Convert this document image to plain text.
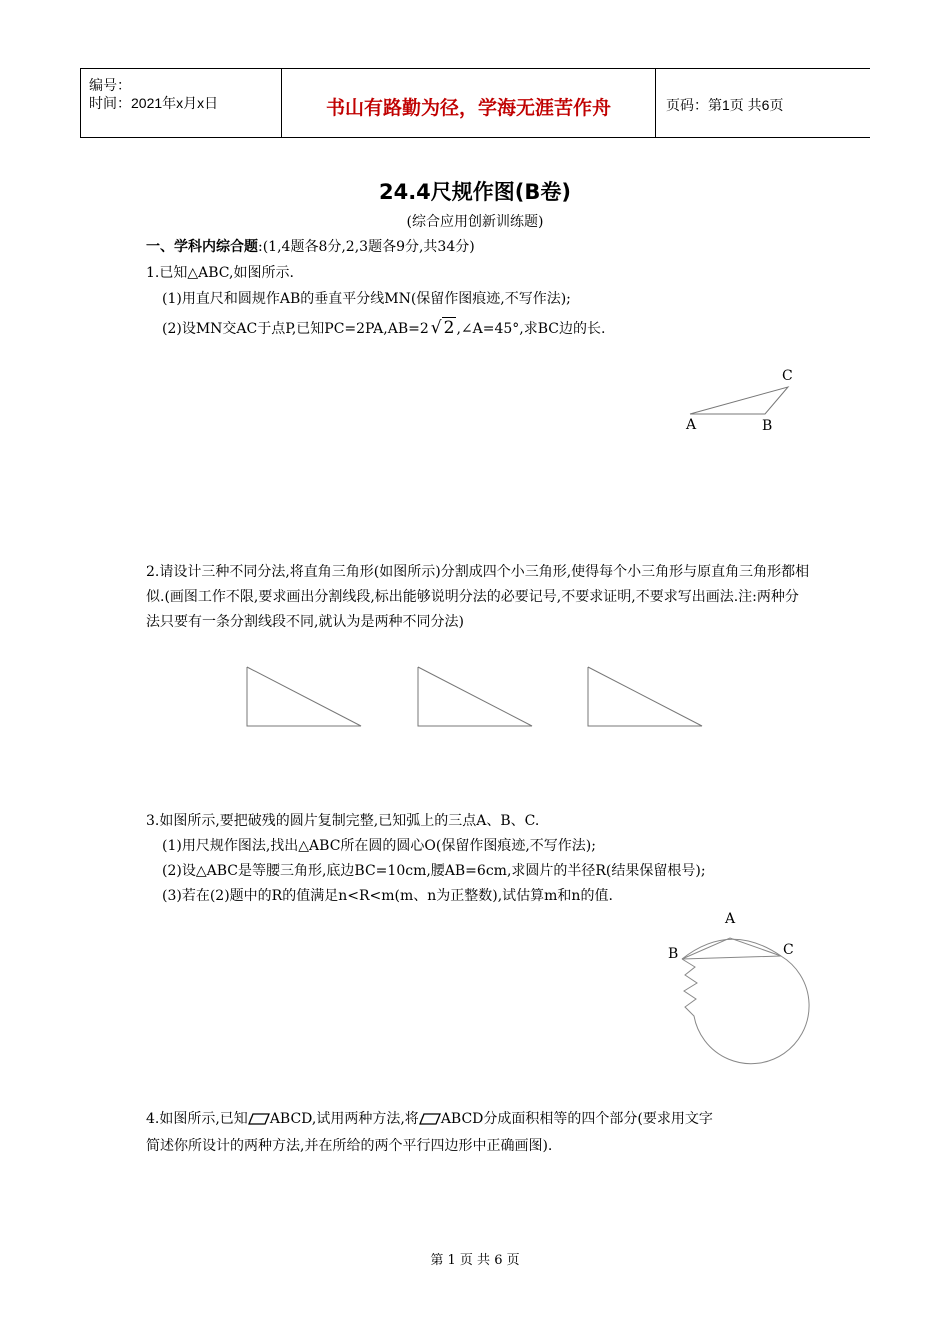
编号：
时间：2021年x月x日	书山有路勤为径，学海无涯苦作舟	页码：第1页 共6页
24.4尺规作图(B卷)
(综合应用创新训练题)
一、学科内综合题:(1,4题各8分,2,3题各9分,共34分)
1.已知△ABC,如图所示.
(1)用直尺和圆规作AB的垂直平分线MN(保留作图痕迹,不写作法);
(2)设MN交AC于点P,已知PC=2PA,AB=2 √ 2 ,∠A=45°,求BC边的长.
C
A	B
2.请设计三种不同分法,将直角三角形(如图所示)分割成四个小三角形,使得每个小三角形与原直角三角形都相似.(画图工作不限,要求画出分割线段,标出能够说明分法的必要记号,不要求证明,不要求写出画法.注:两种分法只要有一条分割线段不同,就认为是两种不同分法)
3.如图所示,要把破残的圆片复制完整,已知弧上的三点A、B、C.
(1)用尺规作图法,找出△ABC所在圆的圆心O(保留作图痕迹,不写作法);
(2)设△ABC是等腰三角形,底边BC=10cm,腰AB=6cm,求圆片的半径R(结果保留根号);
(3)若在(2)题中的R的值满足n<R<m(m、n为正整数),试估算m和n的值.
A
B	C
4.如图所示,已知 ABCD,试用两种方法,将 ABCD分成面积相等的四个部分(要求用文字
简述你所设计的两种方法,并在所给的两个平行四边形中正确画图).
第 1 页 共 6 页
